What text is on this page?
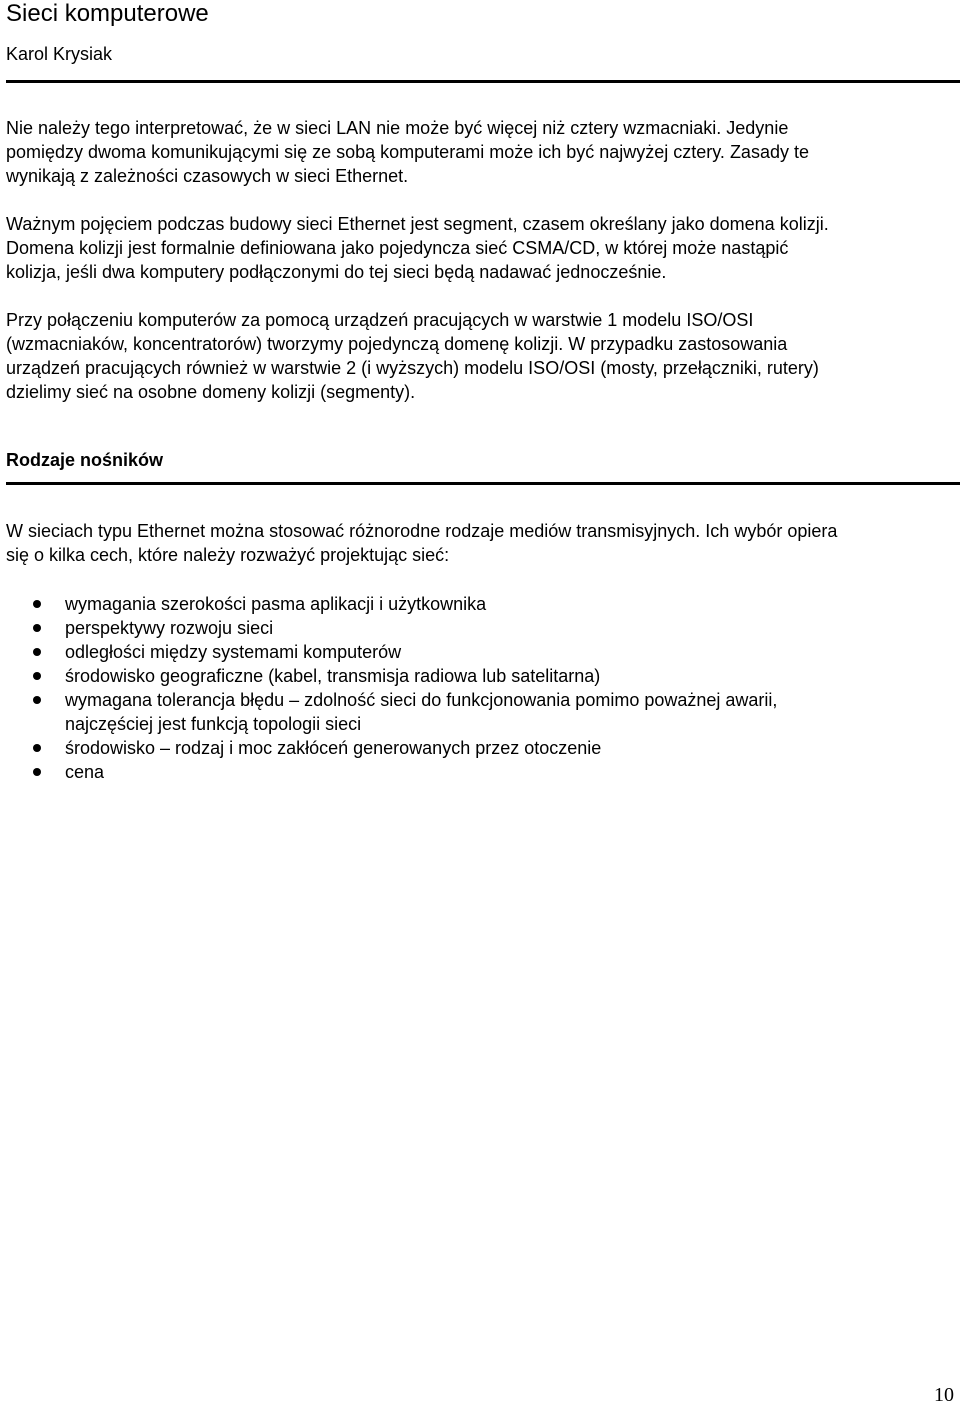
Sieci komputerowe
Karol Krysiak

Nie należy tego interpretować, że w sieci LAN nie może być więcej niż cztery wzmacniaki. Jedynie
pomiędzy dwoma komunikującymi się ze sobą komputerami może ich być najwyżej cztery. Zasady te
wynikają z zależności czasowych w sieci Ethernet.

Ważnym pojęciem podczas budowy sieci Ethernet jest segment, czasem określany jako domena kolizji.
Domena kolizji jest formalnie definiowana jako pojedyncza sieć CSMA/CD, w której może nastąpić
kolizja, jeśli dwa komputery podłączonymi do tej sieci będą nadawać jednocześnie.

Przy połączeniu komputerów za pomocą urządzeń pracujących w warstwie 1 modelu ISO/OSI
(wzmacniaków, koncentratorów) tworzymy pojedynczą domenę kolizji. W przypadku zastosowania
urządzeń pracujących również w warstwie 2 (i wyższych) modelu ISO/OSI (mosty, przełączniki, rutery)
dzielimy sieć na osobne domeny kolizji (segmenty).

Rodzaje nośników

W sieciach typu Ethernet można stosować różnorodne rodzaje mediów transmisyjnych. Ich wybór opiera
się o kilka cech, które należy rozważyć projektując sieć:

wymagania szerokości pasma aplikacji i użytkownika
perspektywy rozwoju sieci
odległości między systemami komputerów
środowisko geograficzne (kabel, transmisja radiowa lub satelitarna)
wymagana tolerancja błędu – zdolność sieci do funkcjonowania pomimo poważnej awarii,
najczęściej jest funkcją topologii sieci
środowisko – rodzaj i moc zakłóceń generowanych przez otoczenie
cena
10
